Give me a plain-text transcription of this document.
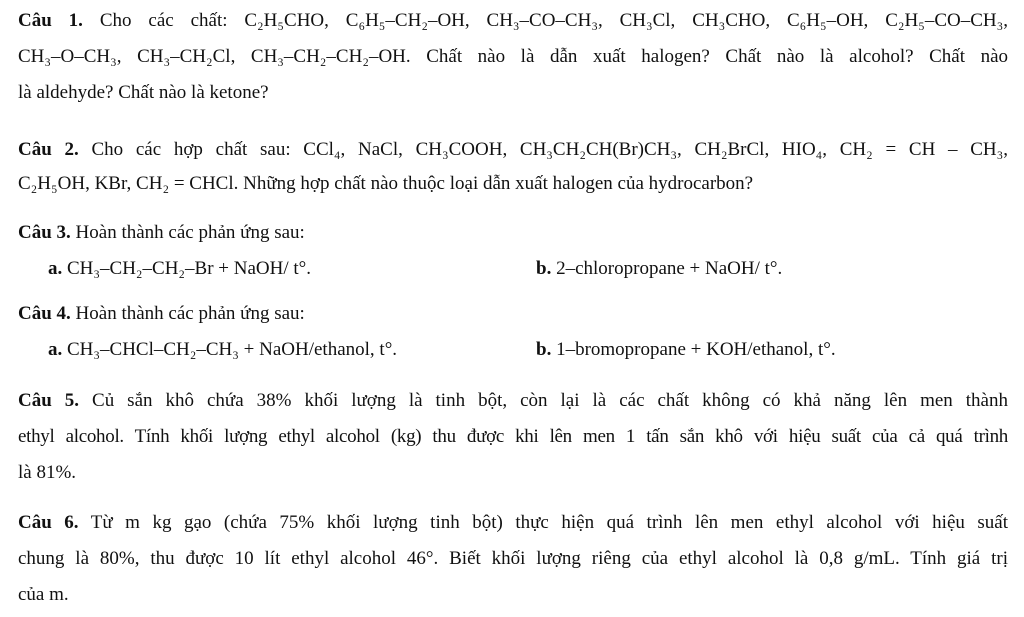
Câu 1. Cho các chất: C₂H₅CHO, C₆H₅–CH₂–OH, CH₃–CO–CH₃, CH₃Cl, CH₃CHO, C₆H₅–OH, C₂H₅–CO–CH₃,
CH₃–O–CH₃, CH₃–CH₂Cl, CH₃–CH₂–CH₂–OH. Chất nào là dẫn xuất halogen? Chất nào là alcohol? Chất nào
là aldehyde? Chất nào là ketone?
Câu 2. Cho các hợp chất sau: CCl₄, NaCl, CH₃COOH, CH₃CH₂CH(Br)CH₃, CH₂BrCl, HIO₄, CH₂ = CH – CH₃,
C₂H₅OH, KBr, CH₂ = CHCl. Những hợp chất nào thuộc loại dẫn xuất halogen của hydrocarbon?
Câu 3. Hoàn thành các phản ứng sau:
a. CH₃–CH₂–CH₂–Br + NaOH/ t°.	b. 2–chloropropane + NaOH/ t°.
Câu 4. Hoàn thành các phản ứng sau:
a. CH₃–CHCl–CH₂–CH₃ + NaOH/ethanol, t°.	b. 1–bromopropane + KOH/ethanol, t°.
Câu 5. Củ sắn khô chứa 38% khối lượng là tinh bột, còn lại là các chất không có khả năng lên men thành
ethyl alcohol. Tính khối lượng ethyl alcohol (kg) thu được khi lên men 1 tấn sắn khô với hiệu suất của cả quá trình
là 81%.
Câu 6. Từ m kg gạo (chứa 75% khối lượng tinh bột) thực hiện quá trình lên men ethyl alcohol với hiệu suất
chung là 80%, thu được 10 lít ethyl alcohol 46°. Biết khối lượng riêng của ethyl alcohol là 0,8 g/mL. Tính giá trị
của m.
